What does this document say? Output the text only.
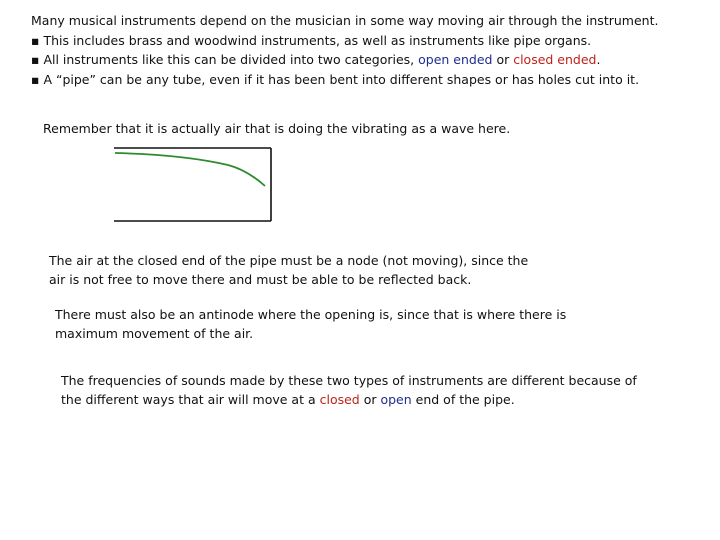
Many musical instruments depend on the musician in some way moving air through the instrument.

▪ This includes brass and woodwind instruments, as well as instruments like pipe organs.

▪ All instruments like this can be divided into two categories, open ended or closed ended.

▪ A “pipe” can be any tube, even if it has been bent into different shapes or has holes cut into it.

Remember that it is actually air that is doing the vibrating as a wave here.

The air at the closed end of the pipe must be a node (not moving), since the air is not free to move there and must be able to be reflected back.

There must also be an antinode where the opening is, since that is where there is maximum movement of the air.

The frequencies of sounds made by these two types of instruments are different because of the different ways that air will move at a closed or open end of the pipe.
